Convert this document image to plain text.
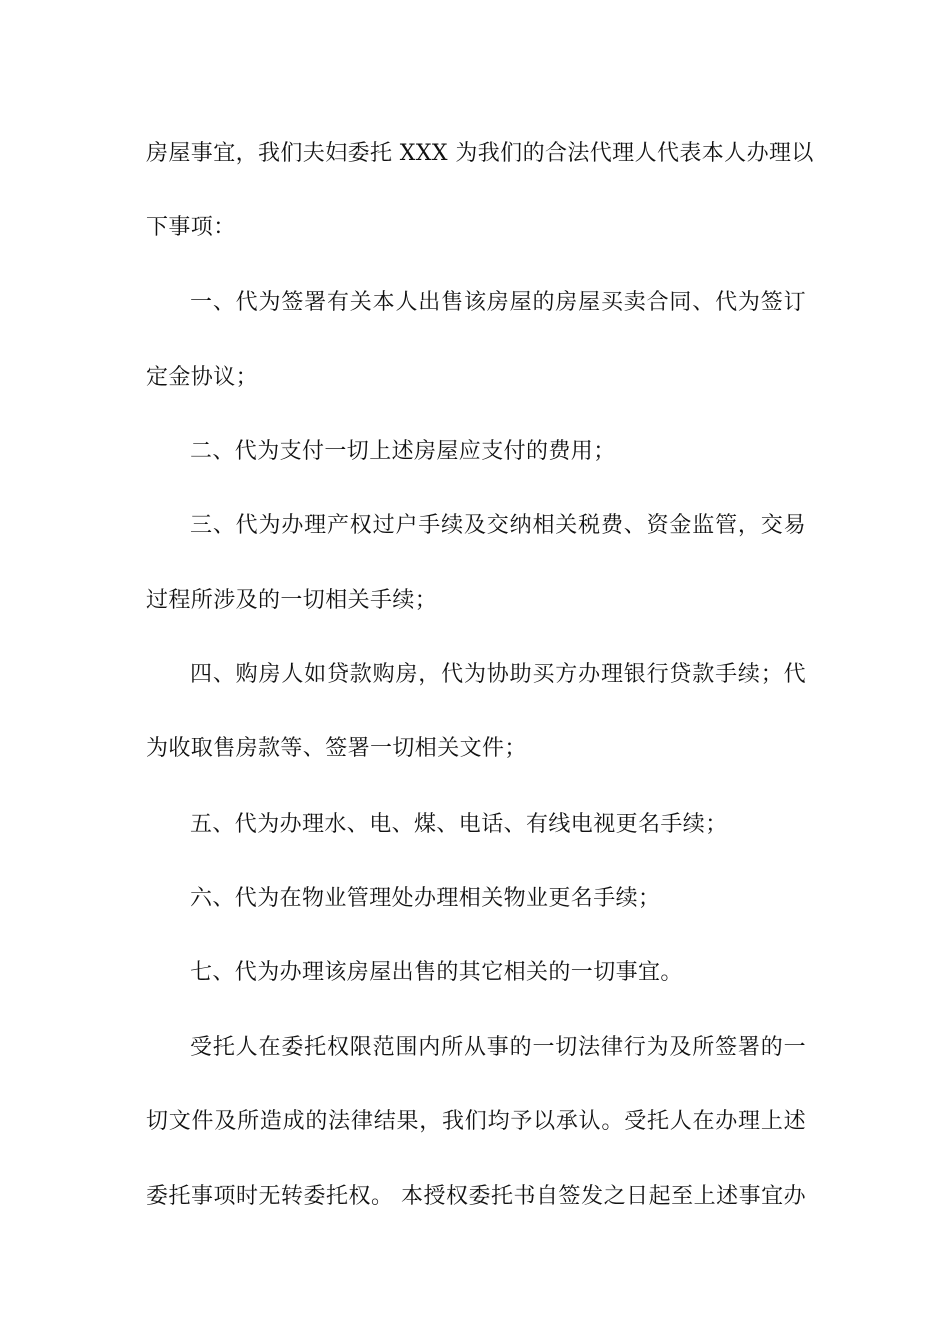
房屋事宜，我们夫妇委托 XXX 为我们的合法代理人代表本人办理以

下事项：

一、代为签署有关本人出售该房屋的房屋买卖合同、代为签订

定金协议；

二、代为支付一切上述房屋应支付的费用；

三、代为办理产权过户手续及交纳相关税费、资金监管，交易

过程所涉及的一切相关手续；

四、购房人如贷款购房，代为协助买方办理银行贷款手续；代

为收取售房款等、签署一切相关文件；

五、代为办理水、电、煤、电话、有线电视更名手续；

六、代为在物业管理处办理相关物业更名手续；

七、代为办理该房屋出售的其它相关的一切事宜。

受托人在委托权限范围内所从事的一切法律行为及所签署的一

切文件及所造成的法律结果，我们均予以承认。受托人在办理上述

委托事项时无转委托权。 本授权委托书自签发之日起至上述事宜办
